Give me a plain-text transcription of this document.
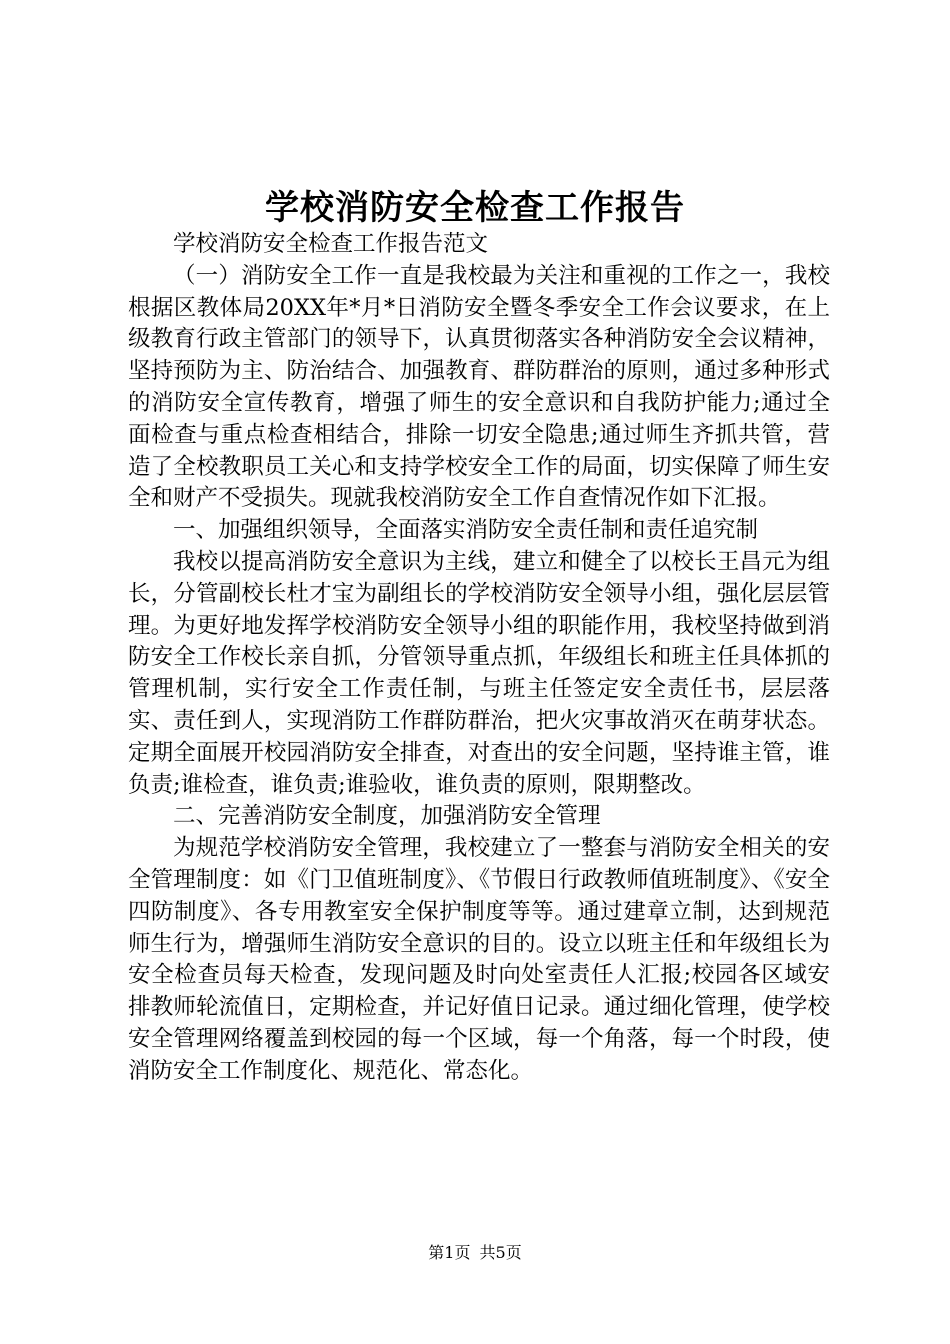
学校消防安全检查工作报告

学校消防安全检查工作报告范文

（一）消防安全工作一直是我校最为关注和重视的工作之一，我校根据区教体局20XX年*月*日消防安全暨冬季安全工作会议要求，在上级教育行政主管部门的领导下，认真贯彻落实各种消防安全会议精神，坚持预防为主、防治结合、加强教育、群防群治的原则，通过多种形式的消防安全宣传教育，增强了师生的安全意识和自我防护能力;通过全面检查与重点检查相结合，排除一切安全隐患;通过师生齐抓共管，营造了全校教职员工关心和支持学校安全工作的局面，切实保障了师生安全和财产不受损失。现就我校消防安全工作自查情况作如下汇报。

一、加强组织领导，全面落实消防安全责任制和责任追究制

我校以提高消防安全意识为主线，建立和健全了以校长王昌元为组长，分管副校长杜才宝为副组长的学校消防安全领导小组，强化层层管理。为更好地发挥学校消防安全领导小组的职能作用，我校坚持做到消防安全工作校长亲自抓，分管领导重点抓，年级组长和班主任具体抓的管理机制，实行安全工作责任制，与班主任签定安全责任书，层层落实、责任到人，实现消防工作群防群治，把火灾事故消灭在萌芽状态。定期全面展开校园消防安全排查，对查出的安全问题，坚持谁主管，谁负责;谁检查，谁负责;谁验收，谁负责的原则，限期整改。

二、完善消防安全制度，加强消防安全管理

为规范学校消防安全管理，我校建立了一整套与消防安全相关的安全管理制度：如《门卫值班制度》、《节假日行政教师值班制度》、《安全四防制度》、各专用教室安全保护制度等等。通过建章立制，达到规范师生行为，增强师生消防安全意识的目的。设立以班主任和年级组长为安全检查员每天检查，发现问题及时向处室责任人汇报;校园各区域安排教师轮流值日，定期检查，并记好值日记录。通过细化管理，使学校安全管理网络覆盖到校园的每一个区域，每一个角落，每一个时段，使消防安全工作制度化、规范化、常态化。

第1页 共5页
